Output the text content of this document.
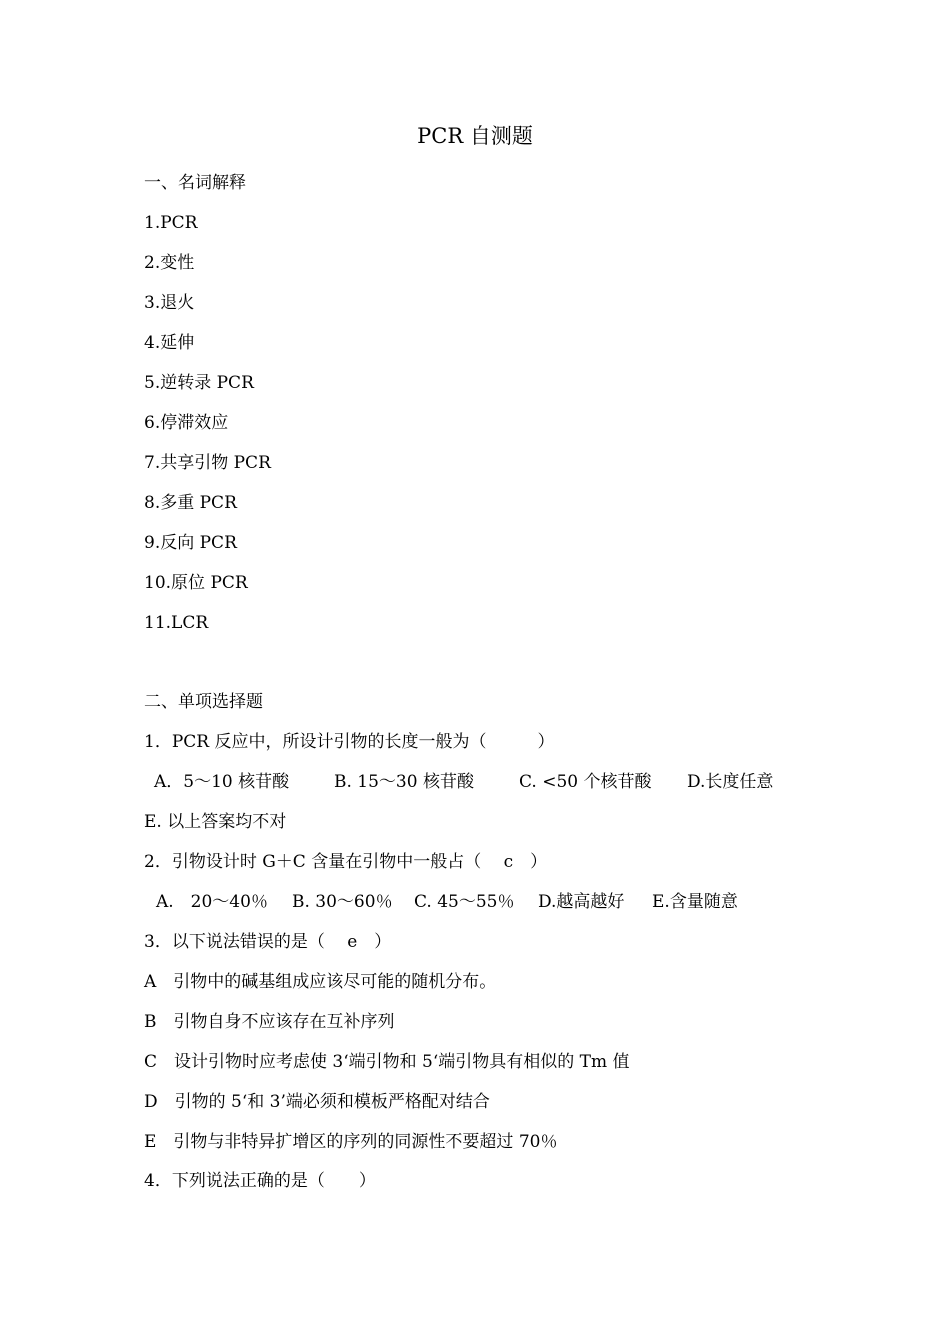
PCR 自测题
一、名词解释
1.PCR
2.变性
3.退火
4.延伸
5.逆转录 PCR
6.停滞效应
7.共享引物 PCR
8.多重 PCR
9.反向 PCR
10.原位 PCR
11.LCR
二、单项选择题
1．PCR 反应中，所设计引物的长度一般为（　　　）
A．5～10 核苷酸	B. 15～30 核苷酸	C. <50 个核苷酸 D.长度任意
E. 以上答案均不对
2．引物设计时 G＋C 含量在引物中一般占（　 c　）
A.　20～40％ B. 30～60％ C. 45～55％ D.越高越好 E.含量随意
3．以下说法错误的是（　 e　）
A　引物中的碱基组成应该尽可能的随机分布。
B　引物自身不应该存在互补序列
C　设计引物时应考虑使 3‘端引物和 5‘端引物具有相似的 Tm 值
D　引物的 5‘和 3’端必须和模板严格配对结合
E　引物与非特异扩增区的序列的同源性不要超过 70％
4．下列说法正确的是（　　）
